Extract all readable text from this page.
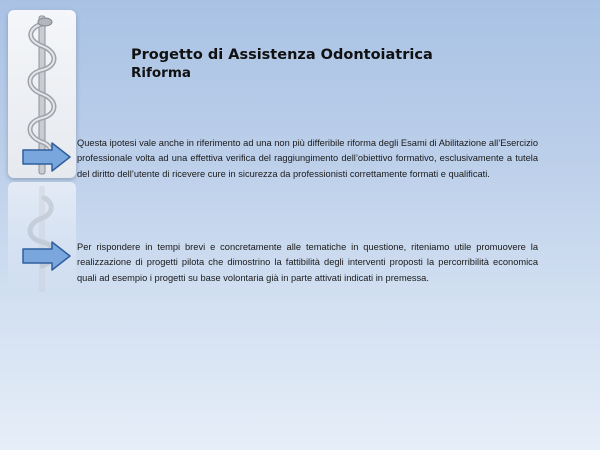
Progetto di Assistenza Odontoiatrica
Riforma

Questa ipotesi vale anche in riferimento ad una non più differibile riforma degli Esami di Abilitazione all’Esercizio professionale volta ad una effettiva verifica del raggiungimento dell’obiettivo formativo, esclusivamente a tutela del diritto dell’utente di ricevere cure in sicurezza da professionisti correttamente formati e qualificati.

Per rispondere in tempi brevi e concretamente alle tematiche in questione, riteniamo utile promuovere la realizzazione di progetti pilota che dimostrino la fattibilità degli interventi proposti la percorribilità economica quali ad esempio i progetti su base volontaria già in parte attivati indicati in premessa.
